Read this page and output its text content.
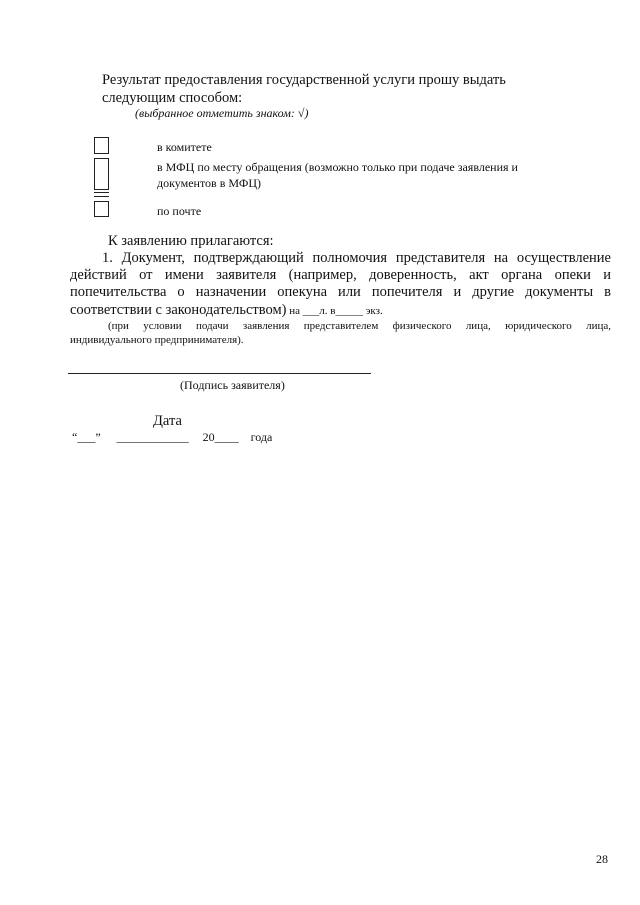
Результат предоставления государственной услуги прошу выдать
следующим способом:
(выбранное отметить знаком: √)
в комитете
в МФЦ по месту обращения (возможно только при подаче заявления и
документов в МФЦ)
по почте
К заявлению прилагаются:
1. Документ, подтверждающий полномочия представителя на осуществление
действий от имени заявителя (например, доверенность, акт органа опеки и
попечительства о назначении опекуна или попечителя и другие документы в
соответствии с законодательством) на ___л. в_____ экз.
(при условии подачи заявления представителем физического лица, юридического лица,
индивидуального предпринимателя).
(Подпись заявителя)
Дата
“___” ____________ 20____ года
28
